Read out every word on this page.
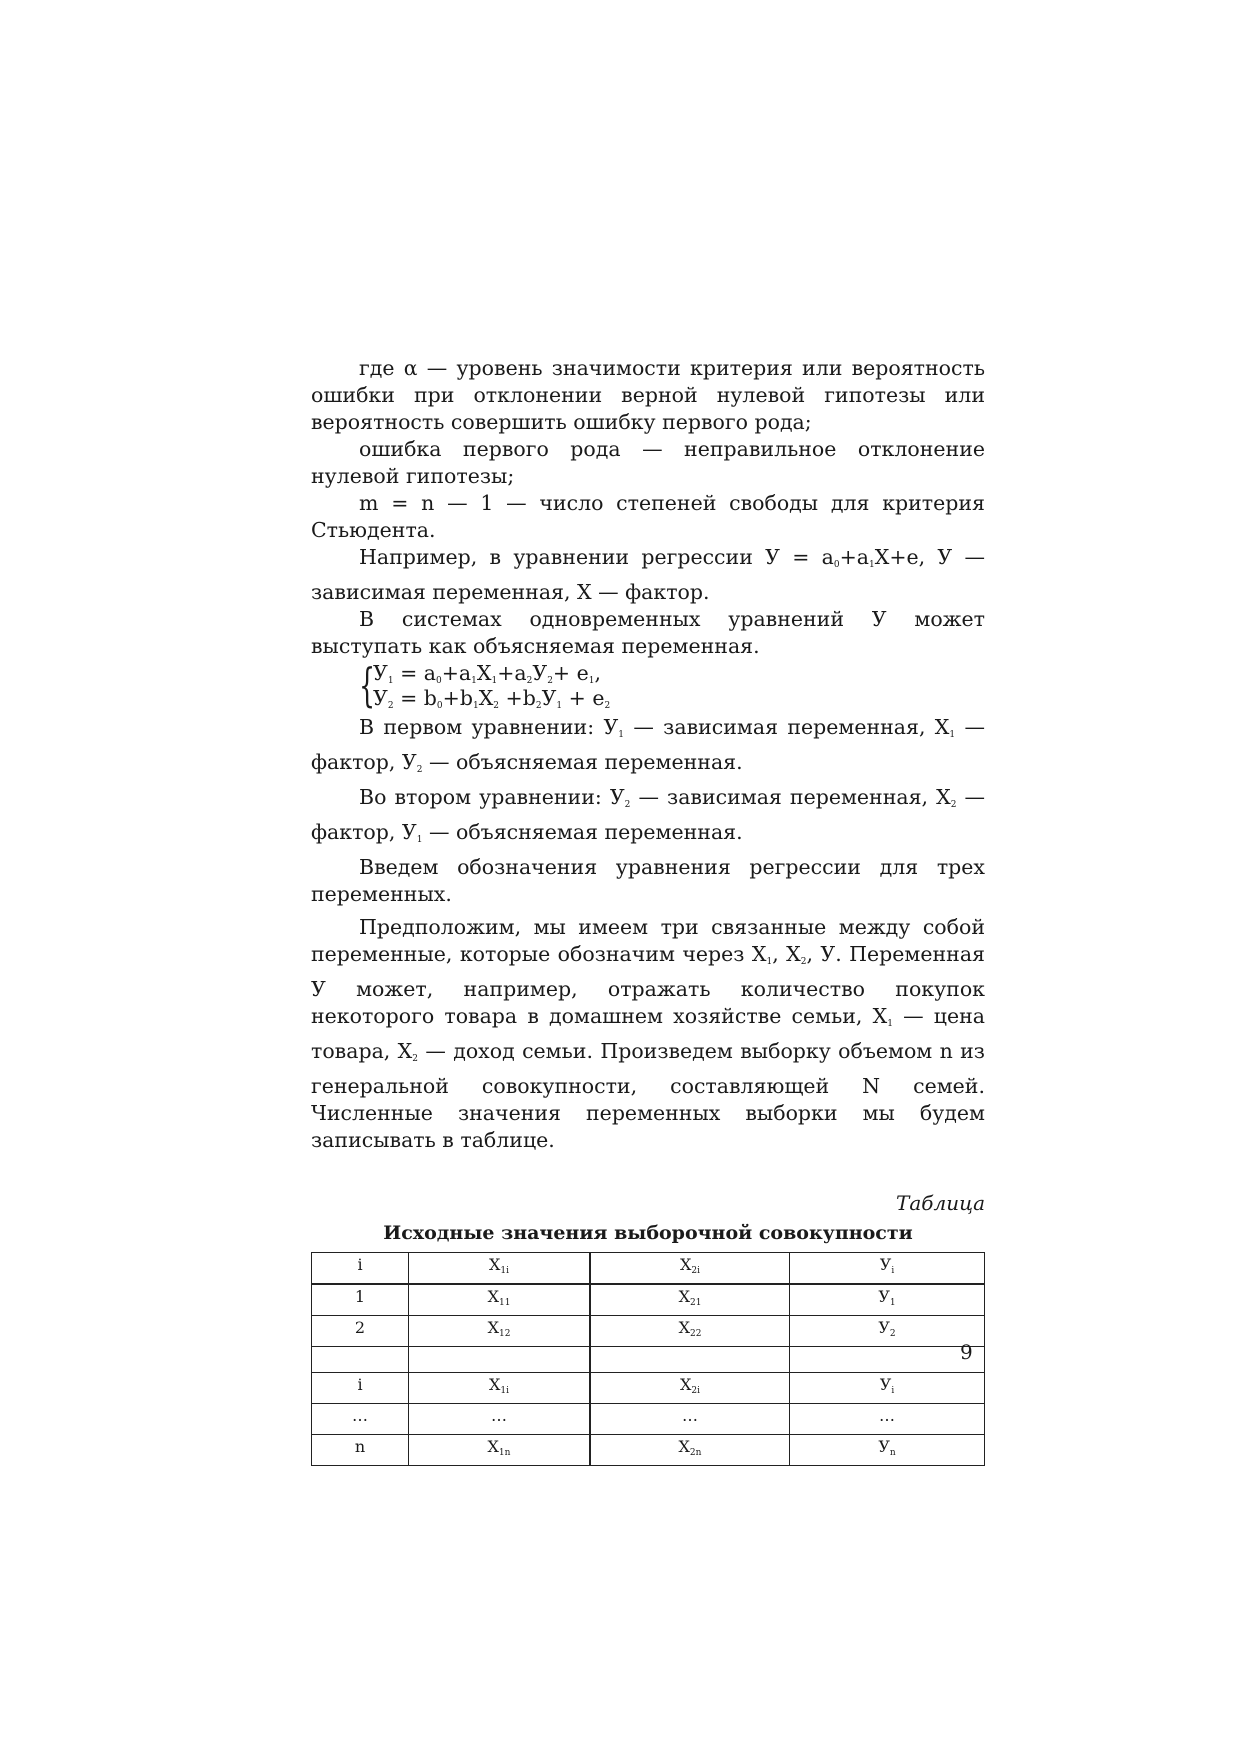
где α — уровень значимости критерия или вероятность ошибки при отклонении верной нулевой гипотезы или вероятность совершить ошибку первого рода;

ошибка первого рода — неправильное отклонение нулевой гипотезы;

m = n — 1 — число степеней свободы для критерия Стьюдента.

Например, в уравнении регрессии $У = a_0+a_1X+e$, У — зависимая переменная, X — фактор.

В системах одновременных уравнений У может выступать как объясняемая переменная.

{
$У_1 = a_0+a_1X_1+a_2У_2+ e_1$,
$У_2 = b_0+b_1X_2 +b_2У_1 + e_2$

В первом уравнении: $У_1$ — зависимая переменная, $X_1$ — фактор, $У_2$ — объясняемая переменная.

Во втором уравнении: $У_2$ — зависимая переменная, $X_2$ — фактор, $У_1$ — объясняемая переменная.

Введем обозначения уравнения регрессии для трех переменных.

Предположим, мы имеем три связанные между собой переменные, которые обозначим через $X_1$, $X_2$, У. Переменная У может, например, отражать количество покупок некоторого товара в домашнем хозяйстве семьи, $X_1$ — цена товара, $X_2$ — доход семьи. Произведем выборку объемом n из генеральной совокупности, составляющей N семей. Численные значения переменных выборки мы будем записывать в таблице.

Таблица
Исходные значения выборочной совокупности
i	$X_{1i}$	$X_{2i}$	$У_i$
1	$X_{11}$	$X_{21}$	$У_1$
2	$X_{12}$	$X_{22}$	$У_2$

i	$X_{1i}$	$X_{2i}$	$У_i$
…	…	…	…
n	$X_{1n}$	$X_{2n}$	$У_n$
9
